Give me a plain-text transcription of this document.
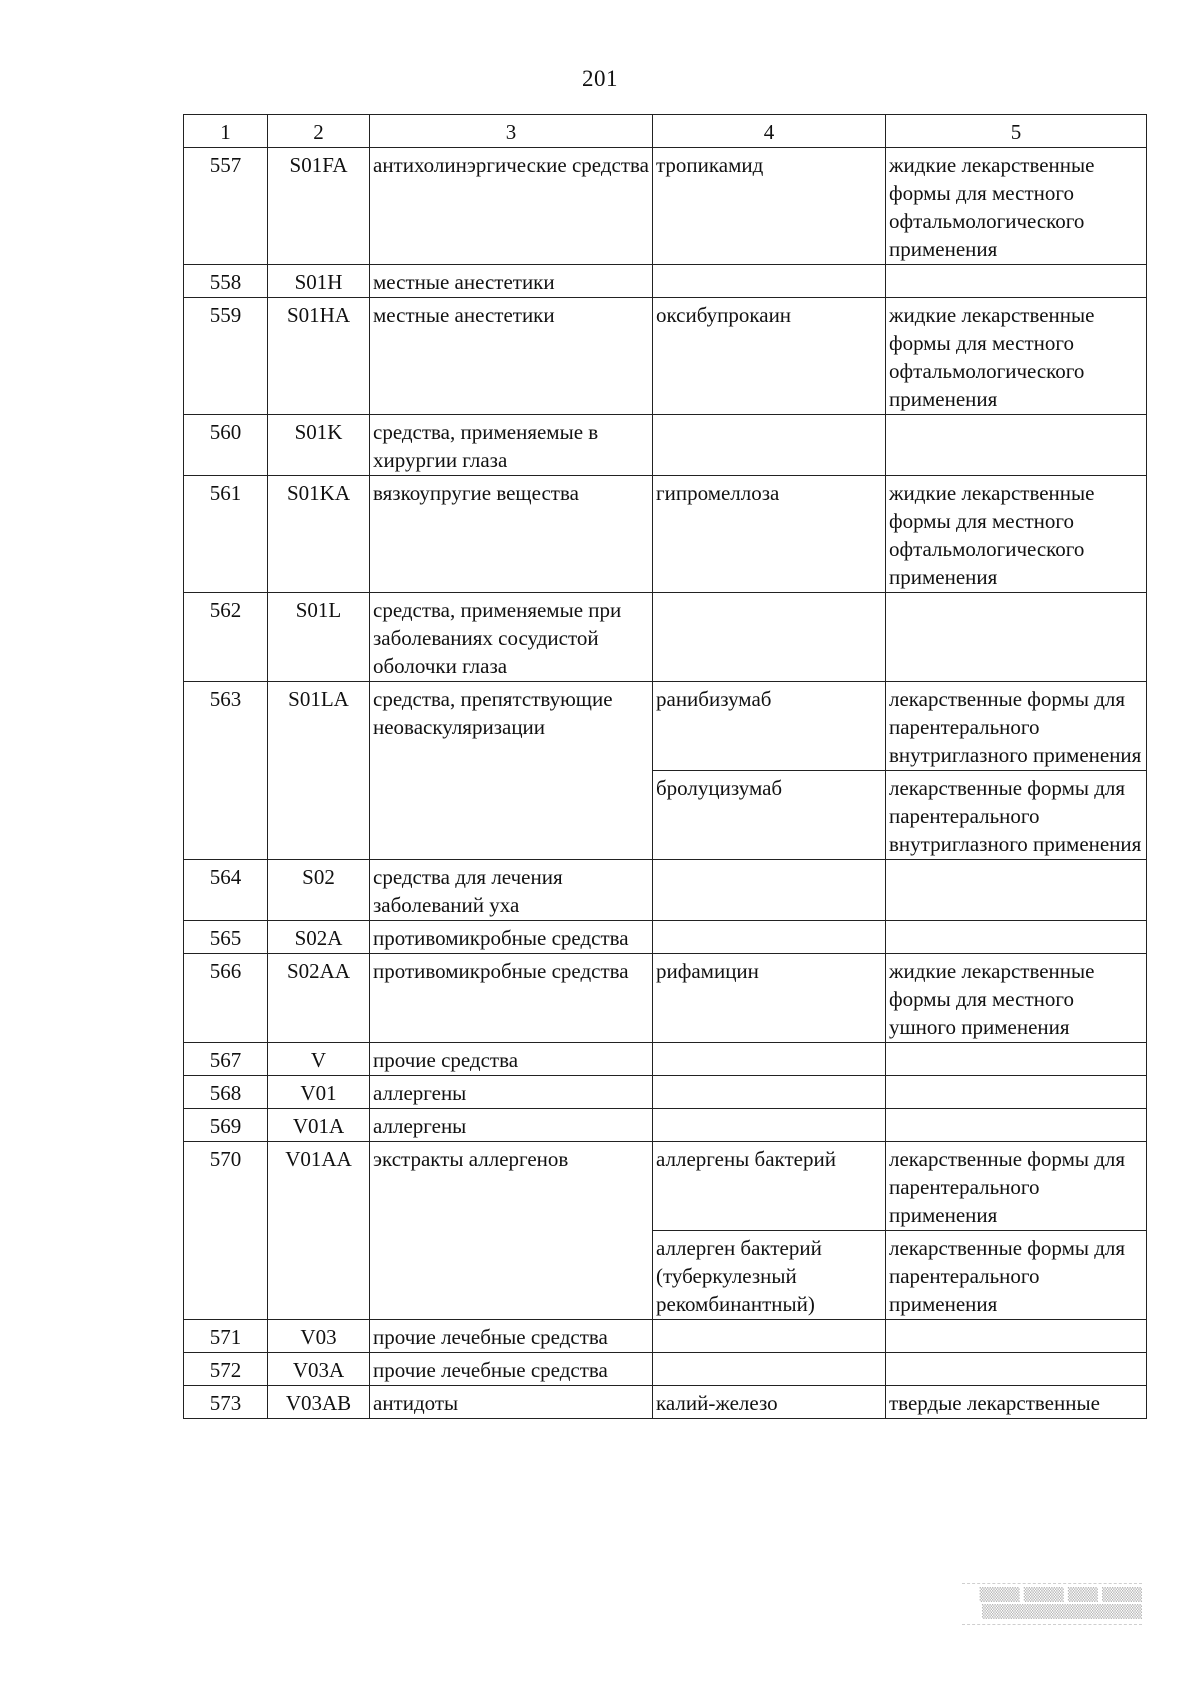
201
1	2	3	4	5
557	S01FA	антихолинэргические средства	тропикамид	жидкие лекарственные формы для местного офтальмологического применения
558	S01H	местные анестетики		
559	S01HA	местные анестетики	оксибупрокаин	жидкие лекарственные формы для местного офтальмологического применения
560	S01K	средства, применяемые в хирургии глаза		
561	S01KA	вязкоупругие вещества	гипромеллоза	жидкие лекарственные формы для местного офтальмологического применения
562	S01L	средства, применяемые при заболеваниях сосудистой оболочки глаза		
563	S01LA	средства, препятствующие неоваскуляризации	ранибизумаб	лекарственные формы для парентерального внутриглазного применения
			бролуцизумаб	лекарственные формы для парентерального внутриглазного применения
564	S02	средства для лечения заболеваний уха		
565	S02A	противомикробные средства		
566	S02AA	противомикробные средства	рифамицин	жидкие лекарственные формы для местного ушного применения
567	V	прочие средства		
568	V01	аллергены		
569	V01A	аллергены		
570	V01AA	экстракты аллергенов	аллергены бактерий	лекарственные формы для парентерального применения
			аллерген бактерий (туберкулезный рекомбинантный)	лекарственные формы для парентерального применения
571	V03	прочие лечебные средства		
572	V03A	прочие лечебные средства		
573	V03AB	антидоты	калий-железо	твердые лекарственные
▒▒▒▒ ▒▒▒▒ ▒▒▒ ▒▒▒▒
▒▒▒▒▒▒▒▒▒▒▒▒▒▒▒▒
